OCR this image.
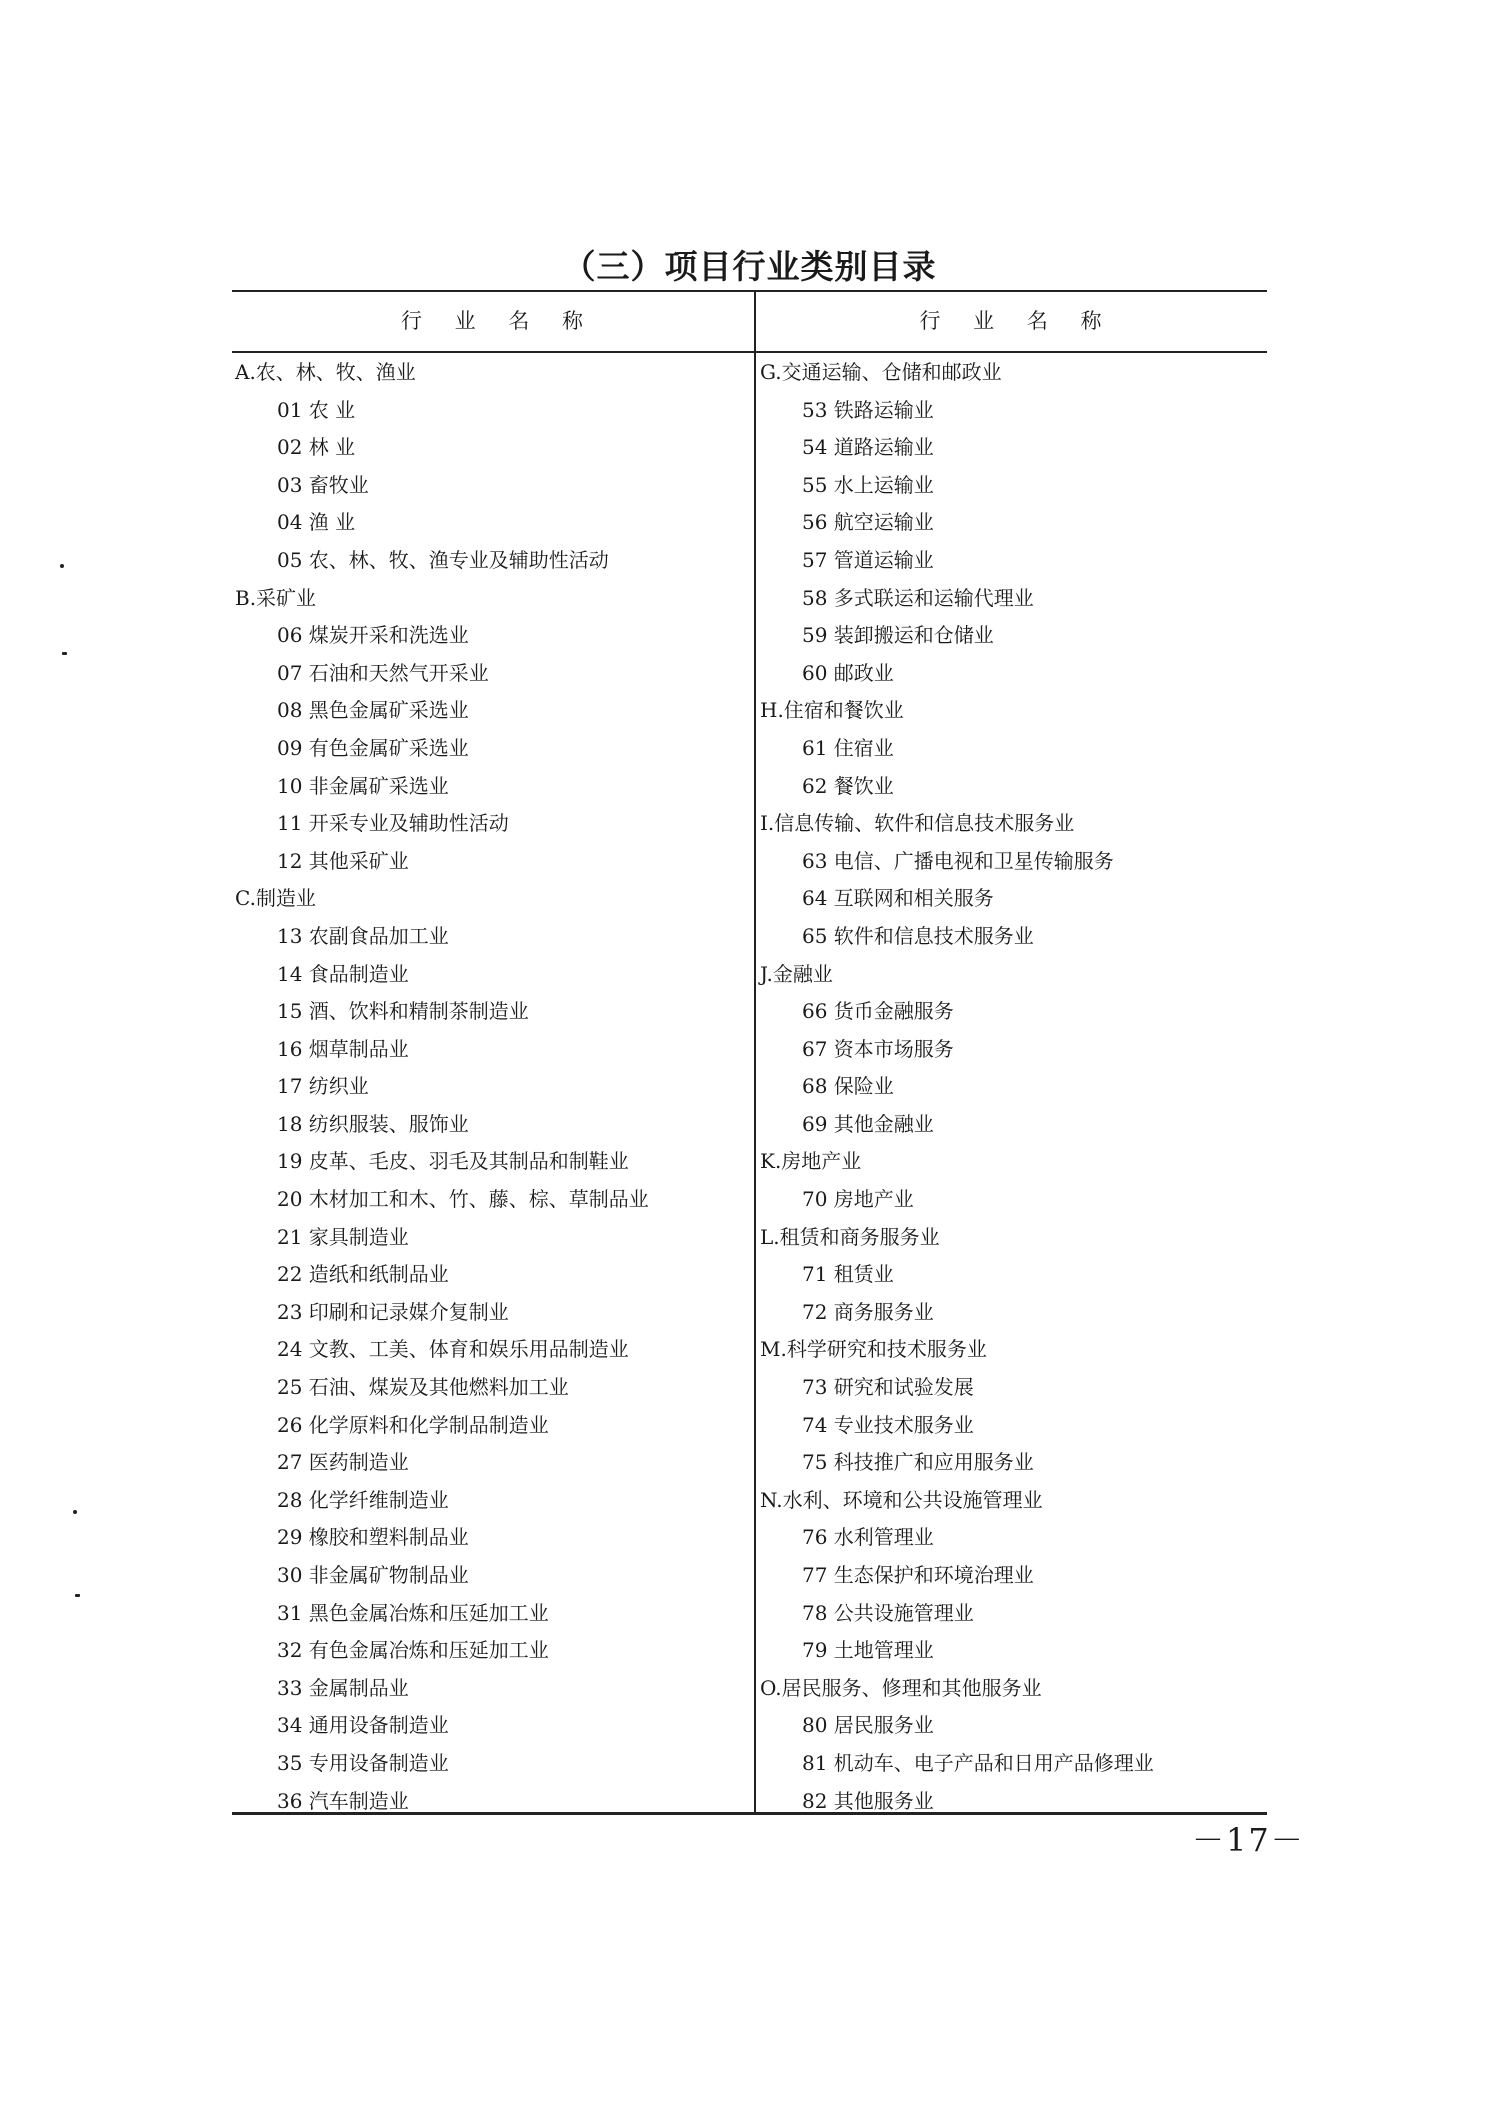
（三）项目行业类别目录
行 业 名 称	行 业 名 称
A.农、林、牧、渔业
01 农 业
02 林 业
03 畜牧业
04 渔 业
05 农、林、牧、渔专业及辅助性活动
B.采矿业
06 煤炭开采和洗选业
07 石油和天然气开采业
08 黑色金属矿采选业
09 有色金属矿采选业
10 非金属矿采选业
11 开采专业及辅助性活动
12 其他采矿业
C.制造业
13 农副食品加工业
14 食品制造业
15 酒、饮料和精制茶制造业
16 烟草制品业
17 纺织业
18 纺织服装、服饰业
19 皮革、毛皮、羽毛及其制品和制鞋业
20 木材加工和木、竹、藤、棕、草制品业
21 家具制造业
22 造纸和纸制品业
23 印刷和记录媒介复制业
24 文教、工美、体育和娱乐用品制造业
25 石油、煤炭及其他燃料加工业
26 化学原料和化学制品制造业
27 医药制造业
28 化学纤维制造业
29 橡胶和塑料制品业
30 非金属矿物制品业
31 黑色金属冶炼和压延加工业
32 有色金属冶炼和压延加工业
33 金属制品业
34 通用设备制造业
35 专用设备制造业
36 汽车制造业
G.交通运输、仓储和邮政业
53 铁路运输业
54 道路运输业
55 水上运输业
56 航空运输业
57 管道运输业
58 多式联运和运输代理业
59 装卸搬运和仓储业
60 邮政业
H.住宿和餐饮业
61 住宿业
62 餐饮业
I.信息传输、软件和信息技术服务业
63 电信、广播电视和卫星传输服务
64 互联网和相关服务
65 软件和信息技术服务业
J.金融业
66 货币金融服务
67 资本市场服务
68 保险业
69 其他金融业
K.房地产业
70 房地产业
L.租赁和商务服务业
71 租赁业
72 商务服务业
M.科学研究和技术服务业
73 研究和试验发展
74 专业技术服务业
75 科技推广和应用服务业
N.水利、环境和公共设施管理业
76 水利管理业
77 生态保护和环境治理业
78 公共设施管理业
79 土地管理业
O.居民服务、修理和其他服务业
80 居民服务业
81 机动车、电子产品和日用产品修理业
82 其他服务业
－17－
